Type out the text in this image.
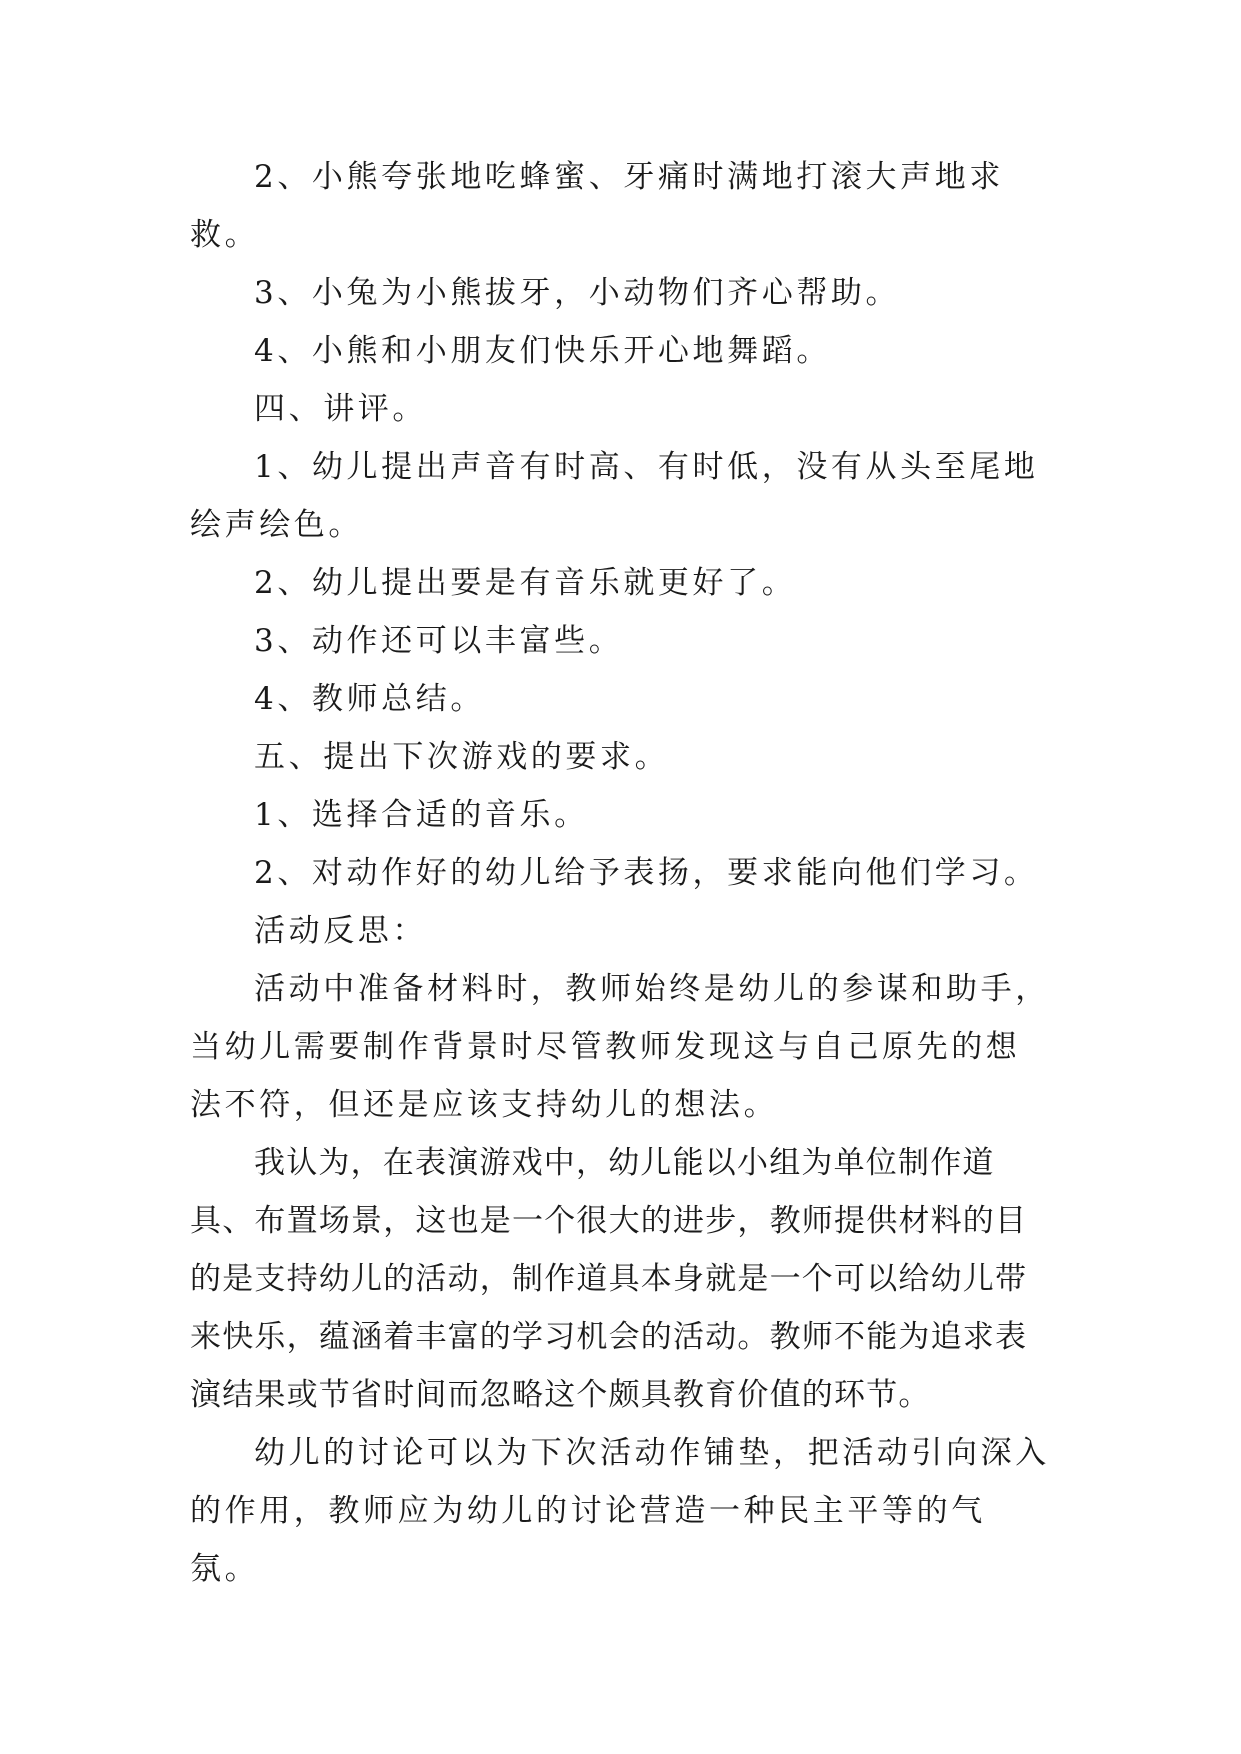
2、小熊夸张地吃蜂蜜、牙痛时满地打滚大声地求救。

3、小兔为小熊拔牙，小动物们齐心帮助。

4、小熊和小朋友们快乐开心地舞蹈。

四、讲评。

1、幼儿提出声音有时高、有时低，没有从头至尾地绘声绘色。

2、幼儿提出要是有音乐就更好了。

3、动作还可以丰富些。

4、教师总结。

五、提出下次游戏的要求。

1、选择合适的音乐。

2、对动作好的幼儿给予表扬，要求能向他们学习。

活动反思：

活动中准备材料时，教师始终是幼儿的参谋和助手，当幼儿需要制作背景时尽管教师发现这与自己原先的想法不符，但还是应该支持幼儿的想法。

我认为，在表演游戏中，幼儿能以小组为单位制作道具、布置场景，这也是一个很大的进步，教师提供材料的目的是支持幼儿的活动，制作道具本身就是一个可以给幼儿带来快乐，蕴涵着丰富的学习机会的活动。教师不能为追求表演结果或节省时间而忽略这个颇具教育价值的环节。

幼儿的讨论可以为下次活动作铺垫，把活动引向深入的作用，教师应为幼儿的讨论营造一种民主平等的气氛。
